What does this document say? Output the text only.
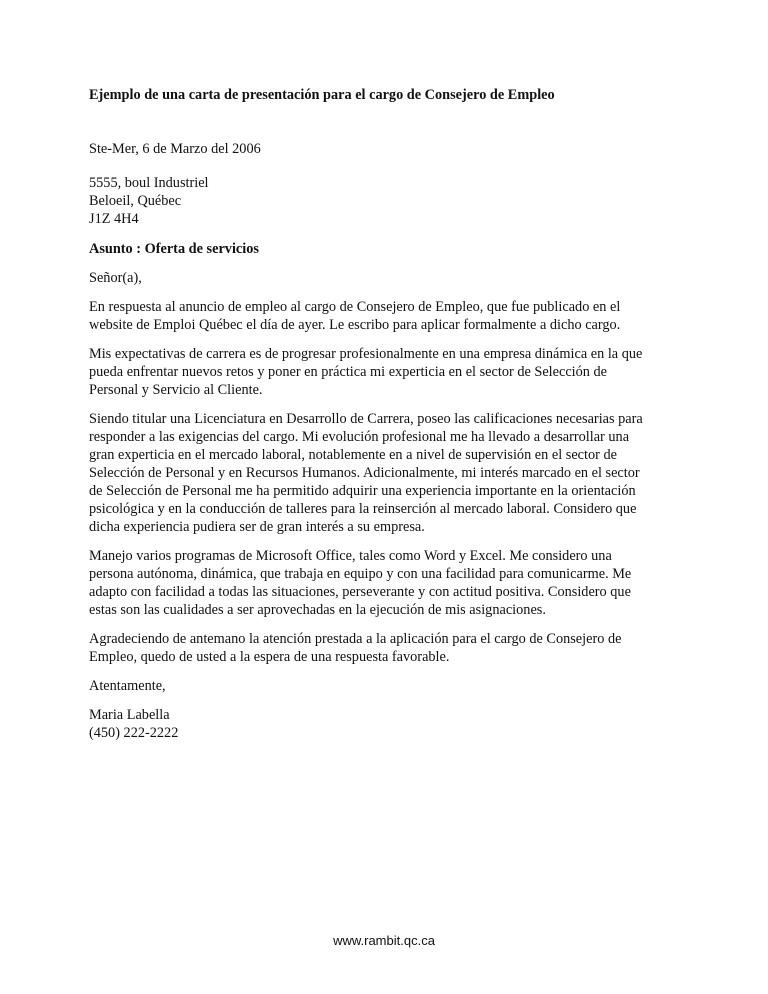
Ejemplo de una carta de presentación para el cargo de Consejero de Empleo

Ste-Mer, 6 de Marzo del 2006

5555, boul Industriel
Beloeil, Québec
J1Z 4H4

Asunto : Oferta de servicios

Señor(a),

En respuesta al anuncio de empleo al cargo de Consejero de Empleo, que fue publicado en el
website de Emploi Québec el día de ayer. Le escribo para aplicar formalmente a dicho cargo.
Mis expectativas de carrera es de progresar profesionalmente en una empresa dinámica en la que
pueda enfrentar nuevos retos y poner en práctica mi experticia en el sector de Selección de
Personal y Servicio al Cliente.
Siendo titular una Licenciatura en Desarrollo de Carrera, poseo las calificaciones necesarias para
responder a las exigencias del cargo. Mi evolución profesional me ha llevado a desarrollar una
gran experticia en el mercado laboral, notablemente en a nivel de supervisión en el sector de
Selección de Personal y en Recursos Humanos. Adicionalmente, mi interés marcado en el sector
de Selección de Personal me ha permitido adquirir una experiencia importante en la orientación
psicológica y en la conducción de talleres para la reinserción al mercado laboral. Considero que
dicha experiencia pudiera ser de gran interés a su empresa.
Manejo varios programas de Microsoft Office, tales como Word y Excel. Me considero una
persona autónoma, dinámica, que trabaja en equipo y con una facilidad para comunicarme. Me
adapto con facilidad a todas las situaciones, perseverante y con actitud positiva. Considero que
estas son las cualidades a ser aprovechadas en la ejecución de mis asignaciones.
Agradeciendo de antemano la atención prestada a la aplicación para el cargo de Consejero de
Empleo, quedo de usted a la espera de una respuesta favorable.

Atentamente,

Maria Labella
(450) 222-2222
www.rambit.qc.ca
